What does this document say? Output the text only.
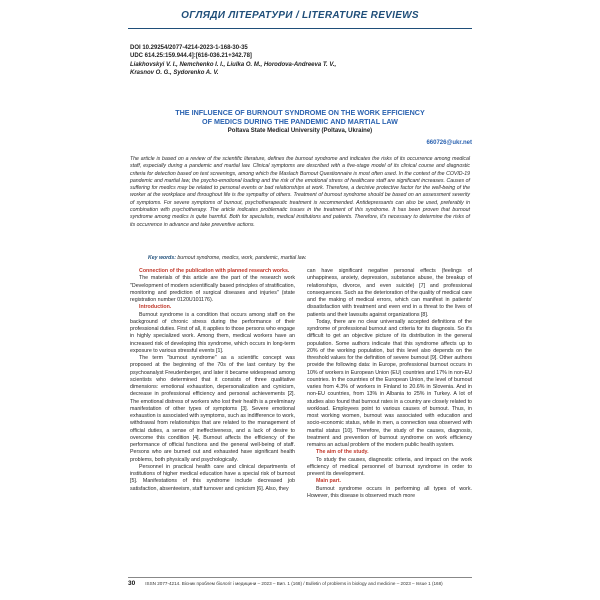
ОГЛЯДИ ЛІТЕРАТУРИ / LITERATURE REVIEWS
DOI 10.29254/2077-4214-2023-1-168-30-35
UDC 614.25:159.944.4]:[616-036.21+342.78]
Liakhovskyi V. I., Nemchenko I. I., Liulka O. M., Horodova-Andreeva T. V.,
Krasnov O. G., Sydorenko A. V.
THE INFLUENCE OF BURNOUT SYNDROME ON THE WORK EFFICIENCY
OF MEDICS DURING THE PANDEMIC AND MARTIAL LAW
Poltava State Medical University (Poltava, Ukraine)
660726@ukr.net
The article is based on a review of the scientific literature, defines the burnout syndrome and indicates the risks of its occurrence among medical staff, especially during a pandemic and martial law. Clinical symptoms are described with a five-stage model of its clinical course and diagnostic criteria for detection based on test screenings, among which the Maslach Burnout Questionnaire is most often used. In the context of the COVID-19 pandemic and martial law, the psycho-emotional loading and the risk of the emotional stress of healthcare staff are significant increases. Causes of suffering for medics may be related to personal events or bad relationships at work. Therefore, a decisive protective factor for the well-being of the worker at the workplace and throughout life is the sympathy of others. Treatment of burnout syndrome should be based on an assessment severity of symptoms. For severe symptoms of burnout, psychotherapeutic treatment is recommended. Antidepressants can also be used, preferably in combination with psychotherapy. The article indicates problematic issues in the treatment of this syndrome. It has been proven that burnout syndrome among medics is quite harmful. Both for specialists, medical institutions and patients. Therefore, it's necessary to determine the risks of its occurrence in advance and take preventive actions.
Key words: burnout syndrome, medics, work, pandemic, martial law.

Connection of the publication with planned research works.

The materials of this article are the part of the research work "Development of modern scientifically based principles of stratification, monitoring and prediction of surgical diseases and injuries" (state registration number 0120U101176).

Introduction.

Burnout syndrome is a condition that occurs among staff on the background of chronic stress during the performance of their professional duties. First of all, it applies to those persons who engage in highly specialized work. Among them, medical workers have an increased risk of developing this syndrome, which occurs in long-term exposure to various stressful events [1].

The term "burnout syndrome" as a scientific concept was proposed at the beginning of the 70s of the last century by the psychoanalyst Freudenberger, and later it became widespread among scientists who determined that it consists of three qualitative dimensions: emotional exhaustion, depersonalization and cynicism, decrease in professional efficiency and personal achievements [2]. The emotional distress of workers who lost their health is a preliminary manifestation of other types of symptoms [3]. Severe emotional exhaustion is associated with symptoms, such as indifference to work, withdrawal from relationships that are related to the management of official duties, a sense of ineffectiveness, and a lack of desire to overcome this condition [4]. Burnout affects the efficiency of the performance of official functions and the general well-being of staff. Persons who are burned out and exhausted have significant health problems, both physically and psychologically.

Personnel in practical health care and clinical departments of institutions of higher medical education have a special risk of burnout [5]. Manifestations of this syndrome include decreased job satisfaction, absenteeism, staff turnover and cynicism [6]. Also, they

can have significant negative personal effects (feelings of unhappiness, anxiety, depression, substance abuse, the breakup of relationships, divorce, and even suicide) [7] and professional consequences. Such as the deterioration of the quality of medical care and the making of medical errors, which can manifest in patients' dissatisfaction with treatment and even end in a threat to the lives of patients and their lawsuits against organizations [8].

Today, there are no clear universally accepted definitions of the syndrome of professional burnout and criteria for its diagnosis. So it's difficult to get an objective picture of its distribution in the general population. Some authors indicate that this syndrome affects up to 20% of the working population, but this level also depends on the threshold values for the definition of severe burnout [9]. Other authors provide the following data: in Europe, professional burnout occurs in 10% of workers in European Union (EU) countries and 17% in non-EU countries. In the countries of the European Union, the level of burnout varies from 4.3% of workers in Finland to 20.6% in Slovenia. And in non-EU countries, from 13% in Albania to 25% in Turkey. A lot of studies also found that burnout rates in a country are closely related to workload. Employees point to various causes of burnout. Thus, in most working women, burnout was associated with education and socio-economic status, while in men, a connection was observed with marital status [10]. Therefore, the study of the causes, diagnosis, treatment and prevention of burnout syndrome on work efficiency remains an actual problem of the modern public health system.

The aim of the study.

To study the causes, diagnostic criteria, and impact on the work efficiency of medical personnel of burnout syndrome in order to prevent its development.

Main part.

Burnout syndrome occurs in performing all types of work. However, this disease is observed much more

30 ISSN 2077-4214. Вісник проблем біології і медицини – 2023 – Вип. 1 (168) / Bulletin of problems in biology and medicine – 2023 – Issue 1 (168)
